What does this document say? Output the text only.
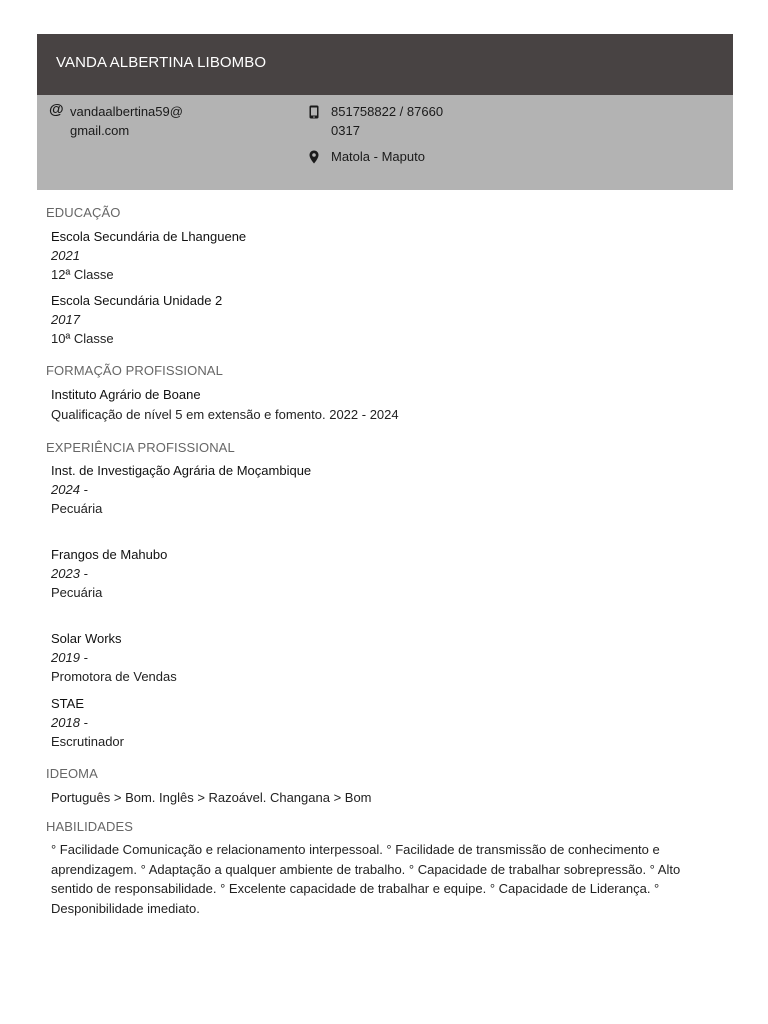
VANDA ALBERTINA LIBOMBO
@ vandaalbertina59@
gmail.com
851758822 / 87660
0317
Matola - Maputo
EDUCAÇÃO
Escola Secundária de Lhanguene
2021
12ª Classe
Escola Secundária Unidade 2
2017
10ª Classe
FORMAÇÃO PROFISSIONAL
Instituto Agrário de Boane
Qualificação de nível 5 em extensão e fomento. 2022 - 2024
EXPERIÊNCIA PROFISSIONAL
Inst. de Investigação Agrária de Moçambique
2024 -
Pecuária
Frangos de Mahubo
2023 -
Pecuária
Solar Works
2019 -
Promotora de Vendas
STAE
2018 -
Escrutinador
IDEOMA
Português > Bom. Inglês > Razoável. Changana > Bom
HABILIDADES
° Facilidade Comunicação e relacionamento interpessoal. ° Facilidade de transmissão de conhecimento e aprendizagem. ° Adaptação a qualquer ambiente de trabalho. ° Capacidade de trabalhar sobrepressão. ° Alto sentido de responsabilidade. ° Excelente capacidade de trabalhar e equipe. ° Capacidade de Liderança. ° Desponibilidade imediato.
